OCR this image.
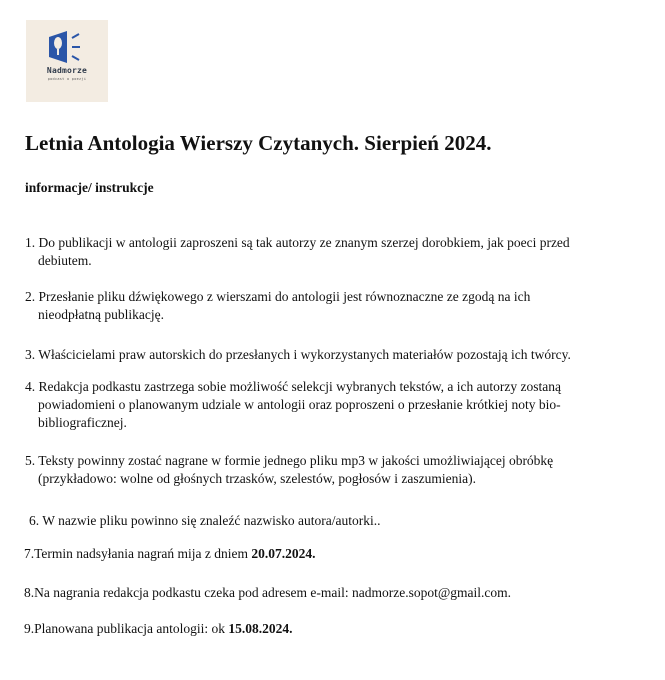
Nadmorze
podcast o poezji
Letnia Antologia Wierszy Czytanych. Sierpień 2024.
informacje/ instrukcje
1. Do publikacji w antologii zaproszeni są tak autorzy ze znanym szerzej dorobkiem, jak poeci przed
debiutem.
2. Przesłanie pliku dźwiękowego z wierszami do antologii jest równoznaczne ze zgodą na ich
nieodpłatną publikację.
3. Właścicielami praw autorskich do przesłanych i wykorzystanych materiałów pozostają ich twórcy.
4. Redakcja podkastu zastrzega sobie możliwość selekcji wybranych tekstów, a ich autorzy zostaną
powiadomieni o planowanym udziale w antologii oraz poproszeni o przesłanie krótkiej noty bio-
bibliograficznej.
5. Teksty powinny zostać nagrane w formie jednego pliku mp3 w jakości umożliwiającej obróbkę
(przykładowo: wolne od głośnych trzasków, szelestów, pogłosów i zaszumienia).
6. W nazwie pliku powinno się znaleźć nazwisko autora/autorki..
7.Termin nadsyłania nagrań mija z dniem 20.07.2024.
8.Na nagrania redakcja podkastu czeka pod adresem e-mail: nadmorze.sopot@gmail.com.
9.Planowana publikacja antologii: ok 15.08.2024.
